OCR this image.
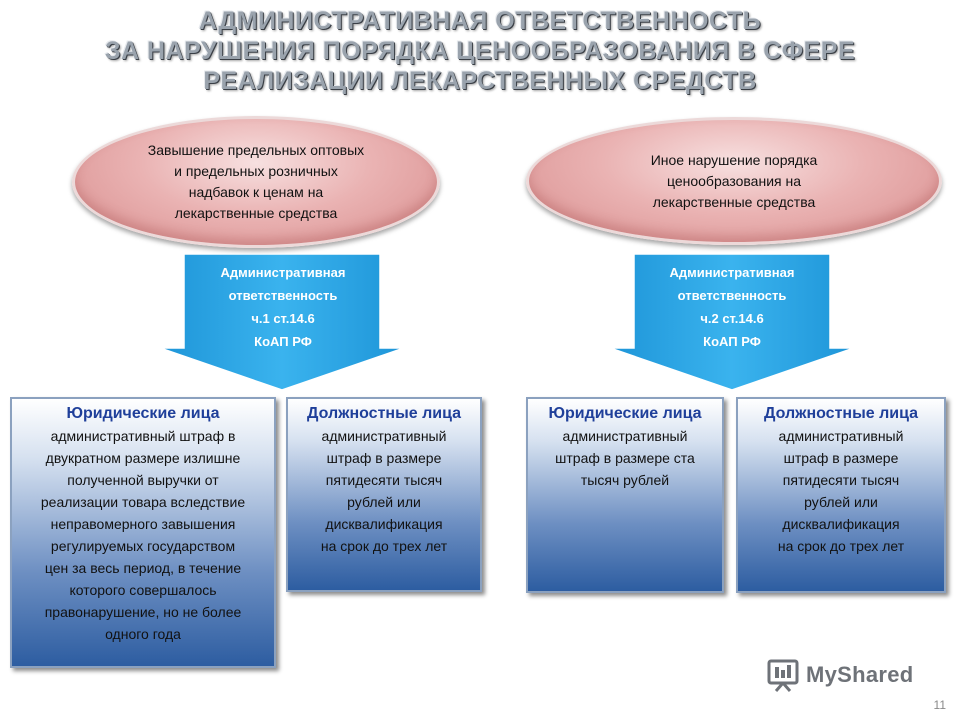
АДМИНИСТРАТИВНАЯ ОТВЕТСТВЕННОСТЬ
ЗА НАРУШЕНИЯ ПОРЯДКА ЦЕНООБРАЗОВАНИЯ В СФЕРЕ
РЕАЛИЗАЦИИ ЛЕКАРСТВЕННЫХ СРЕДСТВ
Завышение предельных оптовых
и предельных розничных
надбавок к ценам на
лекарственные средства
Иное нарушение порядка
ценообразования на
лекарственные средства
Административная
ответственность
ч.1 ст.14.6
КоАП РФ
Административная
ответственность
ч.2 ст.14.6
КоАП РФ
Юридические лица
административный штраф в
двукратном размере излишне
полученной выручки от
реализации товара вследствие
неправомерного завышения
регулируемых государством
цен за весь период, в течение
которого совершалось
правонарушение, но не более
одного года
Должностные лица
административный
штраф в размере
пятидесяти тысяч
рублей или
дисквалификация
на срок до трех лет
Юридические лица
административный
штраф в размере ста
тысяч рублей
Должностные лица
административный
штраф в размере
пятидесяти тысяч
рублей или
дисквалификация
на срок до трех лет
MyShared
11
